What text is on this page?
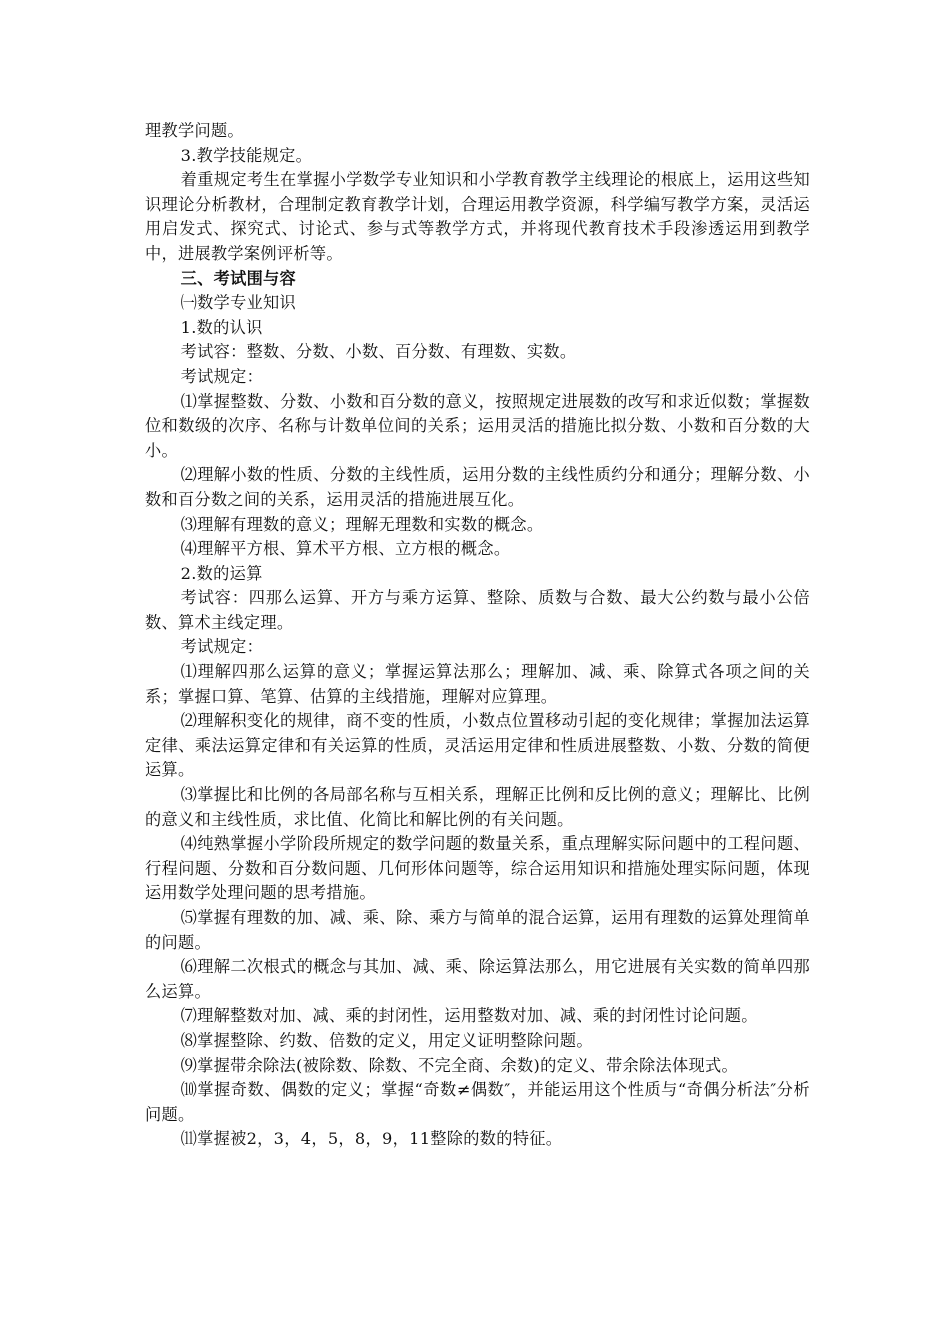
理教学问题。

3.教学技能规定。

着重规定考生在掌握小学数学专业知识和小学教育教学主线理论的根底上，运用这些知识理论分析教材，合理制定教育教学计划，合理运用教学资源，科学编写教学方案，灵活运用启发式、探究式、讨论式、参与式等教学方式，并将现代教育技术手段渗透运用到教学中，进展教学案例评析等。

三、考试围与容

㈠数学专业知识

1.数的认识

考试容：整数、分数、小数、百分数、有理数、实数。

考试规定：

⑴掌握整数、分数、小数和百分数的意义，按照规定进展数的改写和求近似数；掌握数位和数级的次序、名称与计数单位间的关系；运用灵活的措施比拟分数、小数和百分数的大小。

⑵理解小数的性质、分数的主线性质，运用分数的主线性质约分和通分；理解分数、小数和百分数之间的关系，运用灵活的措施进展互化。

⑶理解有理数的意义；理解无理数和实数的概念。

⑷理解平方根、算术平方根、立方根的概念。

2.数的运算

考试容：四那么运算、开方与乘方运算、整除、质数与合数、最大公约数与最小公倍数、算术主线定理。

考试规定：

⑴理解四那么运算的意义；掌握运算法那么；理解加、减、乘、除算式各项之间的关系；掌握口算、笔算、估算的主线措施，理解对应算理。

⑵理解积变化的规律，商不变的性质，小数点位置移动引起的变化规律；掌握加法运算定律、乘法运算定律和有关运算的性质，灵活运用定律和性质进展整数、小数、分数的简便运算。

⑶掌握比和比例的各局部名称与互相关系，理解正比例和反比例的意义；理解比、比例的意义和主线性质，求比值、化简比和解比例的有关问题。

⑷纯熟掌握小学阶段所规定的数学问题的数量关系，重点理解实际问题中的工程问题、行程问题、分数和百分数问题、几何形体问题等，综合运用知识和措施处理实际问题，体现运用数学处理问题的思考措施。

⑸掌握有理数的加、减、乘、除、乘方与简单的混合运算，运用有理数的运算处理简单的问题。

⑹理解二次根式的概念与其加、减、乘、除运算法那么，用它进展有关实数的简单四那么运算。

⑺理解整数对加、减、乘的封闭性，运用整数对加、减、乘的封闭性讨论问题。

⑻掌握整除、约数、倍数的定义，用定义证明整除问题。

⑼掌握带余除法(被除数、除数、不完全商、余数)的定义、带余除法体现式。

⑽掌握奇数、偶数的定义；掌握“奇数≠偶数″，并能运用这个性质与“奇偶分析法″分析问题。

⑾掌握被2，3，4，5，8，9，11整除的数的特征。
